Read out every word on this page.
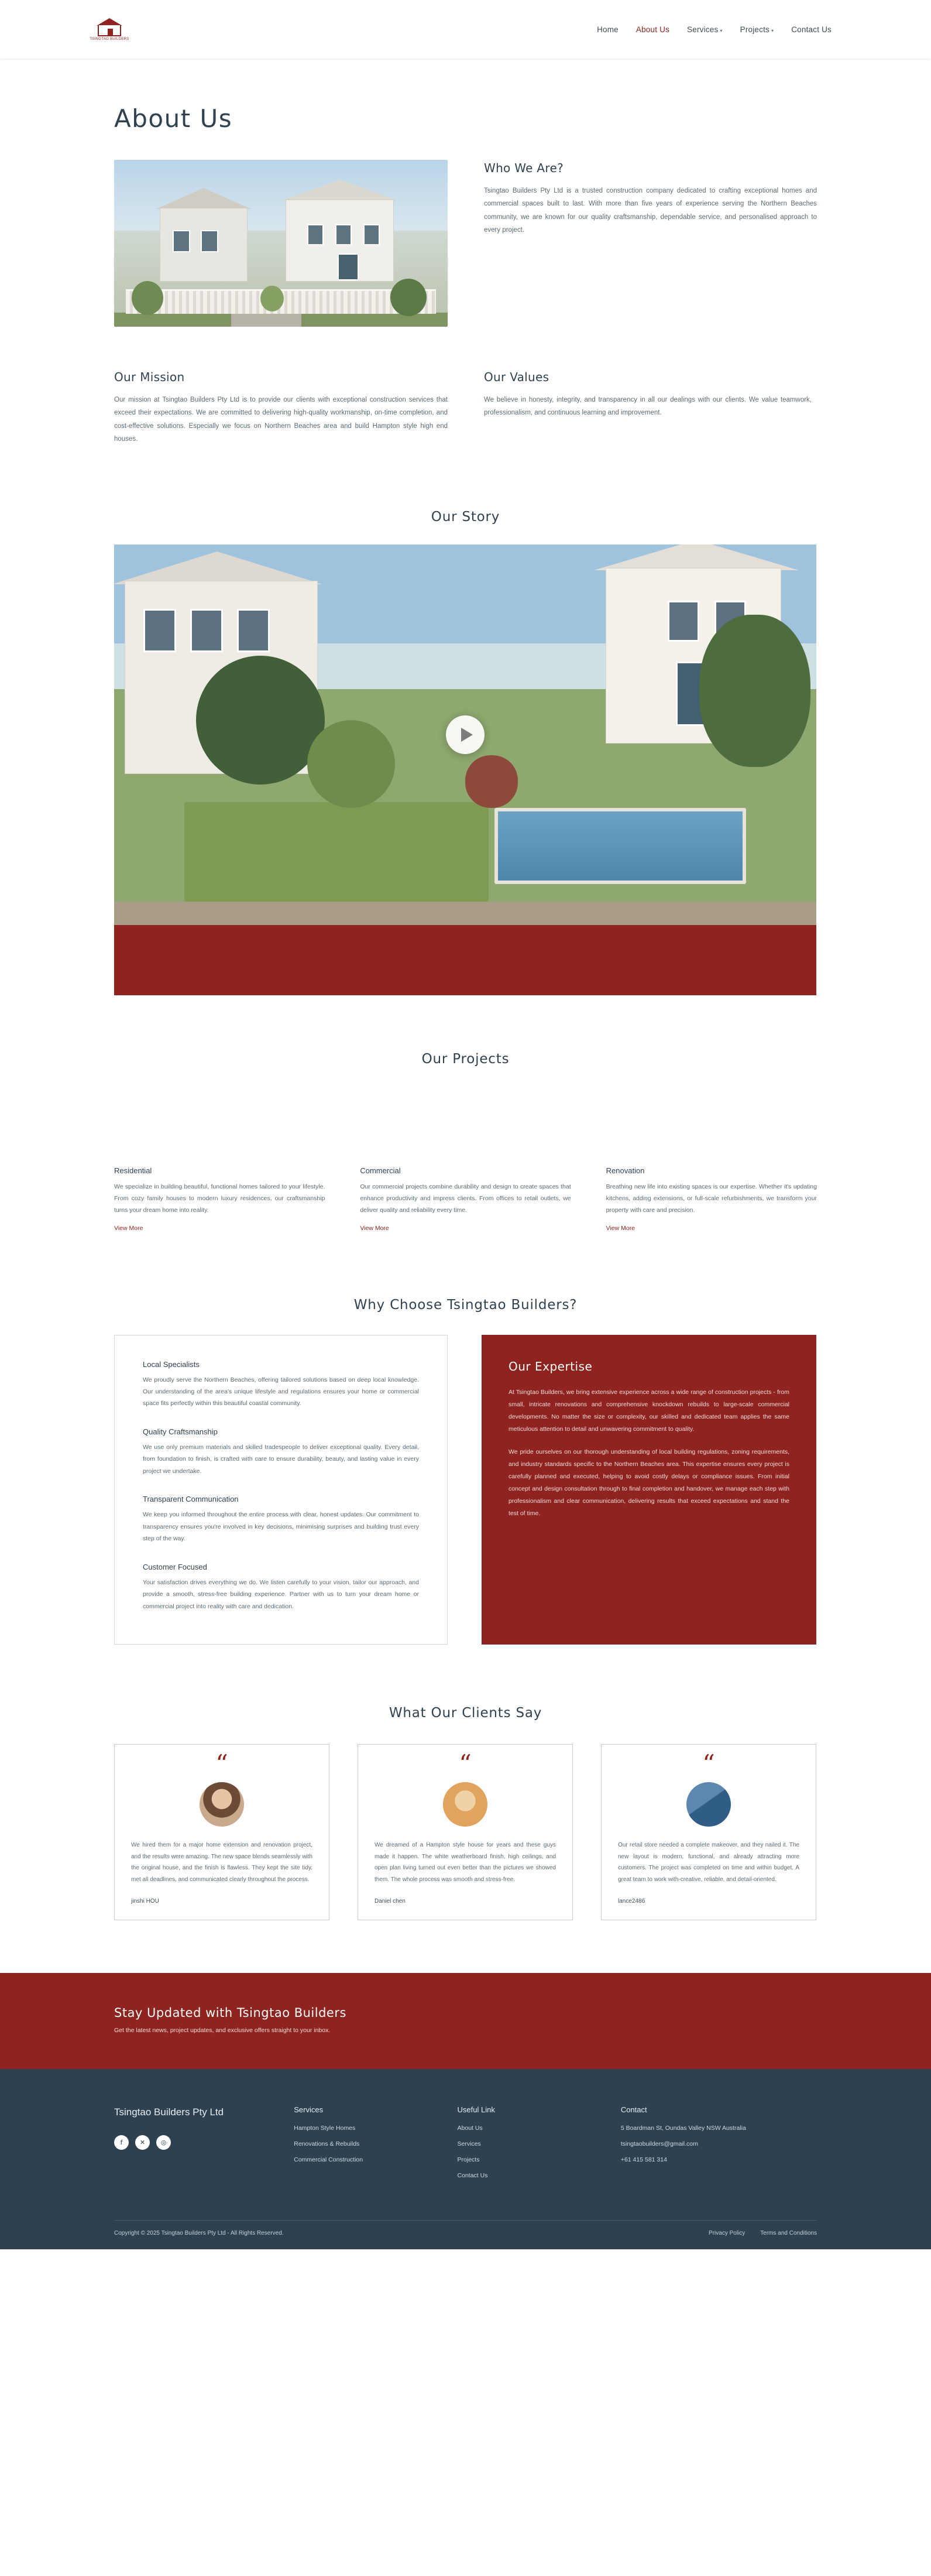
TSINGTAO BUILDERS
Home About Us Services ▾ Projects ▾ Contact Us
About Us
Who We Are?

Tsingtao Builders Pty Ltd is a trusted construction company dedicated to crafting exceptional homes and commercial spaces built to last. With more than five years of experience serving the Northern Beaches community, we are known for our quality craftsmanship, dependable service, and personalised approach to every project.

Our Mission

Our mission at Tsingtao Builders Pty Ltd is to provide our clients with exceptional construction services that exceed their expectations. We are committed to delivering high-quality workmanship, on-time completion, and cost-effective solutions. Especially we focus on Northern Beaches area and build Hampton style high end houses.

Our Values

We believe in honesty, integrity, and transparency in all our dealings with our clients. We value teamwork, professionalism, and continuous learning and improvement.

Our Story
Our Projects
Residential

We specialize in building beautiful, functional homes tailored to your lifestyle. From cozy family houses to modern luxury residences, our craftsmanship turns your dream home into reality.

View More
Commercial

Our commercial projects combine durability and design to create spaces that enhance productivity and impress clients. From offices to retail outlets, we deliver quality and reliability every time.

View More
Renovation

Breathing new life into existing spaces is our expertise. Whether it's updating kitchens, adding extensions, or full-scale refurbishments, we transform your property with care and precision.

View More
Why Choose Tsingtao Builders?
Local Specialists

We proudly serve the Northern Beaches, offering tailored solutions based on deep local knowledge. Our understanding of the area's unique lifestyle and regulations ensures your home or commercial space fits perfectly within this beautiful coastal community.

Quality Craftsmanship

We use only premium materials and skilled tradespeople to deliver exceptional quality. Every detail, from foundation to finish, is crafted with care to ensure durability, beauty, and lasting value in every project we undertake.

Transparent Communication

We keep you informed throughout the entire process with clear, honest updates. Our commitment to transparency ensures you're involved in key decisions, minimising surprises and building trust every step of the way.

Customer Focused

Your satisfaction drives everything we do. We listen carefully to your vision, tailor our approach, and provide a smooth, stress-free building experience. Partner with us to turn your dream home or commercial project into reality with care and dedication.

Our Expertise

At Tsingtao Builders, we bring extensive experience across a wide range of construction projects - from small, intricate renovations and comprehensive knockdown rebuilds to large-scale commercial developments. No matter the size or complexity, our skilled and dedicated team applies the same meticulous attention to detail and unwavering commitment to quality.

We pride ourselves on our thorough understanding of local building regulations, zoning requirements, and industry standards specific to the Northern Beaches area. This expertise ensures every project is carefully planned and executed, helping to avoid costly delays or compliance issues. From initial concept and design consultation through to final completion and handover, we manage each step with professionalism and clear communication, delivering results that exceed expectations and stand the test of time.

What Our Clients Say
“

We hired them for a major home extension and renovation project, and the results were amazing. The new space blends seamlessly with the original house, and the finish is flawless. They kept the site tidy, met all deadlines, and communicated clearly throughout the process.

jinshi HOU
“

We dreamed of a Hampton style house for years and these guys made it happen. The white weatherboard finish, high ceilings, and open plan living turned out even better than the pictures we showed them. The whole process was smooth and stress-free.

Daniel chen
“

Our retail store needed a complete makeover, and they nailed it. The new layout is modern, functional, and already attracting more customers. The project was completed on time and within budget. A great team to work with-creative, reliable, and detail-oriented.

lance2486
Stay Updated with Tsingtao Builders

Get the latest news, project updates, and exclusive offers straight to your inbox.

Tsingtao Builders Pty Ltd
f	✕	◎
Services
Hampton Style Homes
Renovations & Rebuilds
Commercial Construction
Useful Link
About Us
Services
Projects
Contact Us
Contact
5 Boardman St, Oundas Valley NSW Australia
tsingtaobuilders@gmail.com
+61 415 581 314
Copyright © 2025 Tsingtao Builders Pty Ltd - All Rights Reserved.	Privacy Policy	Terms and Conditions
